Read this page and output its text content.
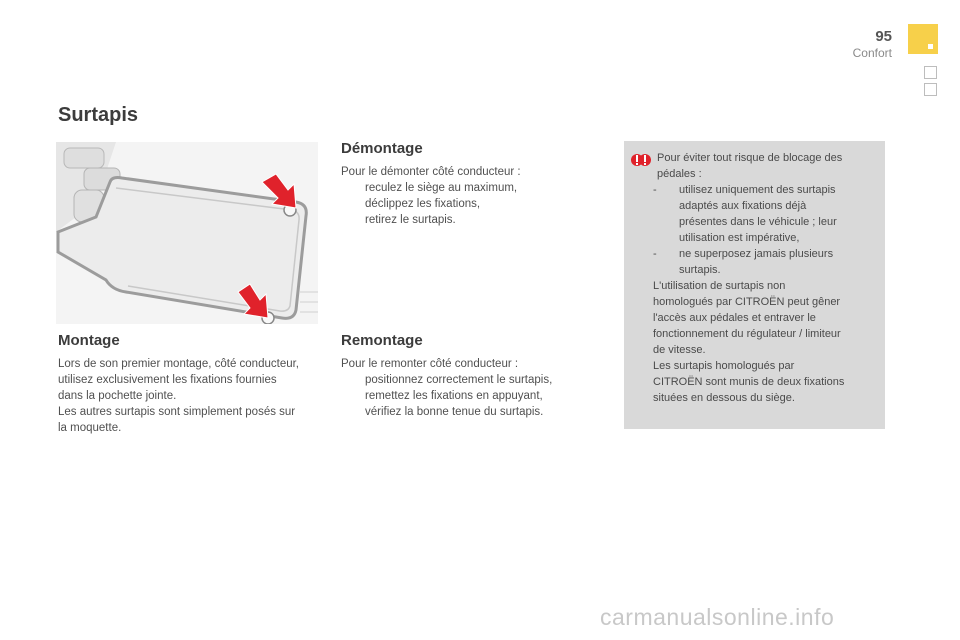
95
Confort
Surtapis
Montage

Lors de son premier montage, côté conducteur,

utilisez exclusivement les fixations fournies

dans la pochette jointe.

Les autres surtapis sont simplement posés sur

la moquette.

Démontage

Pour le démonter côté conducteur :

reculez le siège au maximum,
déclippez les fixations,
retirez le surtapis.
Remontage

Pour le remonter côté conducteur :

positionnez correctement le surtapis,
remettez les fixations en appuyant,
vérifiez la bonne tenue du surtapis.

Pour éviter tout risque de blocage des

pédales :

- utilisez uniquement des surtapis
adaptés aux fixations déjà
présentes dans le véhicule ; leur
utilisation est impérative,
- ne superposez jamais plusieurs
surtapis.
L'utilisation de surtapis non
homologués par CITROËN peut gêner
l'accès aux pédales et entraver le
fonctionnement du régulateur / limiteur
de vitesse.
Les surtapis homologués par
CITROËN sont munis de deux fixations
situées en dessous du siège.
carmanualsonline.info
